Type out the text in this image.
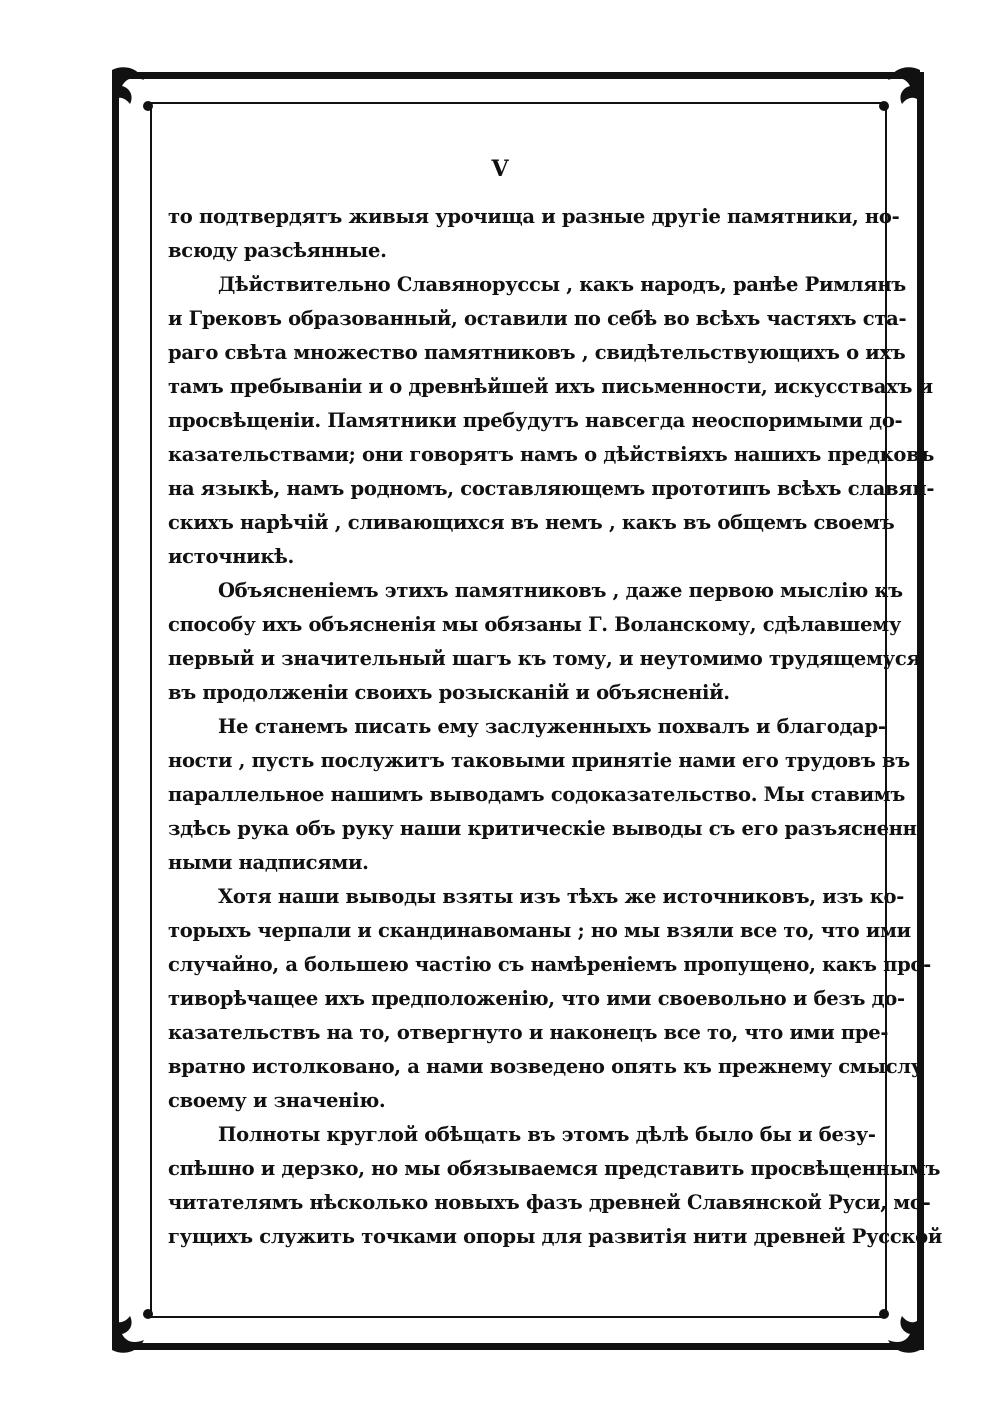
V
то подтвердятъ живыя урочища и разные другіе памятники, но-
всюду разсѣянные.
Дѣйствительно Славянорусcы , какъ народъ, ранѣе Римлянъ
и Грековъ образованный, оставили по себѣ во всѣхъ частяхъ ста-
раго свѣта множество памятниковъ , свидѣтельствующихъ о ихъ
тамъ пребываніи и о древнѣйшей ихъ письменности, искусствахъ и
просвѣщеніи. Памятники пребудутъ навсегда неоспоримыми до-
казательствами; они говорятъ намъ о дѣйствіяхъ нашихъ предковъ
на языкѣ, намъ родномъ, составляющемъ прототипъ всѣхъ славян-
скихъ нарѣчій , сливающихся въ немъ , какъ въ общемъ своемъ
источникѣ.
Объясненіемъ этихъ памятниковъ , даже первою мыслію къ
способу ихъ объясненія мы обязаны Г. Воланскому, сдѣлавшему
первый и значительный шагъ къ тому, и неутомимо трудящемуся
въ продолженіи своихъ розысканій и объясненій.
Не станемъ писать ему заслуженныхъ похвалъ и благодар-
ности , пусть послужитъ таковыми принятіе нами его трудовъ въ
параллельное нашимъ выводамъ содоказательство. Мы ставимъ
здѣсь рука объ руку наши критическіе выводы съ его разъясненн-
ными надписями.
Хотя наши выводы взяты изъ тѣхъ же источниковъ, изъ ко-
торыхъ черпали и скандинавоманы ; но мы взяли все то, что ими
случайно, а большею частію съ намѣреніемъ пропущено, какъ про-
тиворѣчащее ихъ предположенію, что ими своевольно и безъ до-
казательствъ на то, отвергнуто и наконецъ все то, что ими пре-
вратно истолковано, а нами возведено опять къ прежнему смыслу
своему и значенію.
Полноты круглой обѣщать въ этомъ дѣлѣ было бы и безу-
спѣшно и дерзко, но мы обязываемся представить просвѣщеннымъ
читателямъ нѣсколько новыхъ фазъ древней Славянской Руси, мо-
гущихъ служить точками опоры для развитія нити древней Русской
